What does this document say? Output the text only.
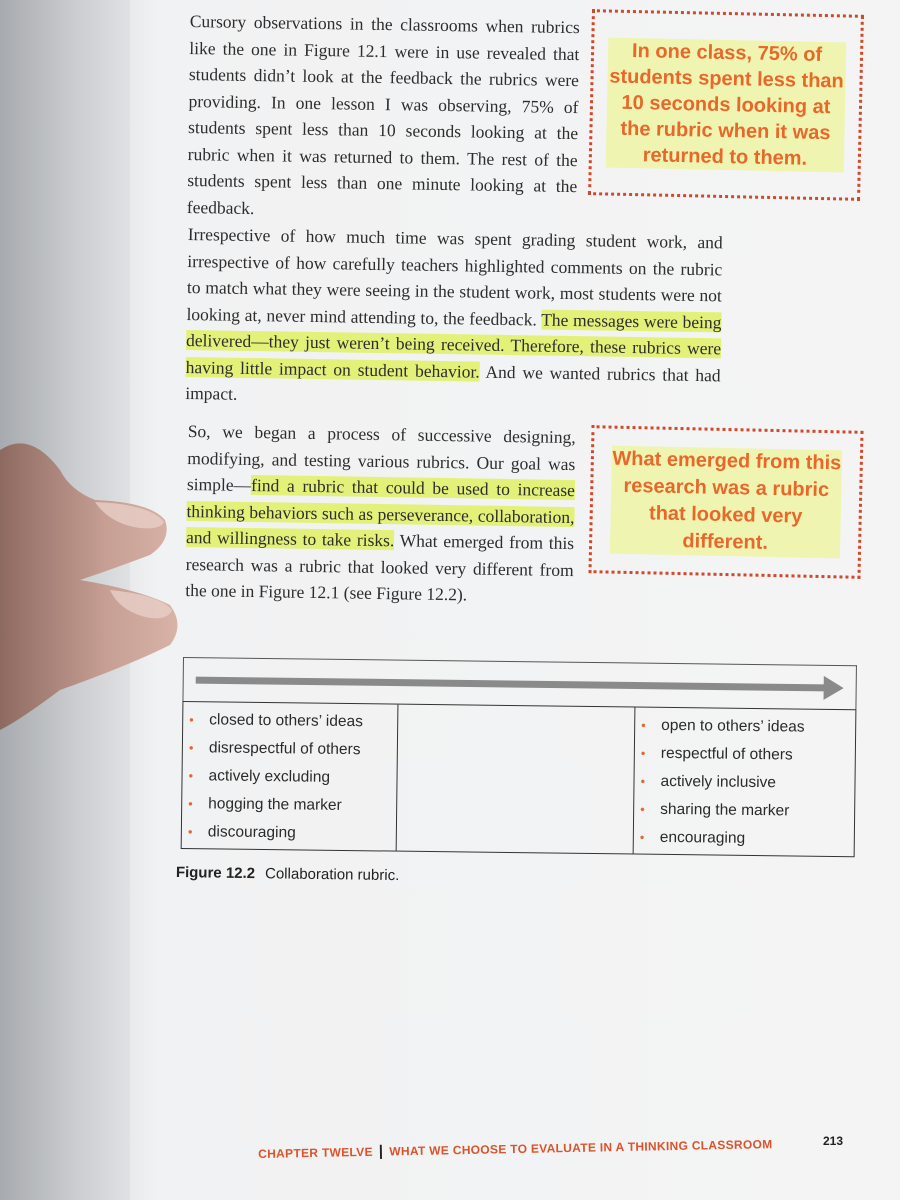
Cursory observations in the classrooms when rubrics like the one in Figure 12.1 were in use revealed that students didn’t look at the feedback the rubrics were providing. In one lesson I was observing, 75% of students spent less than 10 seconds looking at the rubric when it was returned to them. The rest of the students spent less than one minute looking at the feedback.

Irrespective of how much time was spent grading student work, and irrespective of how carefully teachers highlighted comments on the rubric to match what they were seeing in the student work, most students were not looking at, never mind attending to, the feedback. The messages were being delivered—they just weren’t being received. Therefore, these rubrics were having little impact on student behavior. And we wanted rubrics that had impact.

So, we began a process of successive designing, modifying, and testing various rubrics. Our goal was simple—find a rubric that could be used to increase thinking behaviors such as perseverance, collaboration, and willingness to take risks. What emerged from this research was a rubric that looked very different from the one in Figure 12.1 (see Figure 12.2).

In one class, 75% of students spent less than 10 seconds looking at the rubric when it was returned to them.
What emerged from this research was a rubric that looked very different.
• closed to others’ ideas
• disrespectful of others
• actively excluding
• hogging the marker
• discouraging
• open to others’ ideas
• respectful of others
• actively inclusive
• sharing the marker
• encouraging
Figure 12.2 Collaboration rubric.
213
CHAPTER TWELVE | WHAT WE CHOOSE TO EVALUATE IN A THINKING CLASSROOM
